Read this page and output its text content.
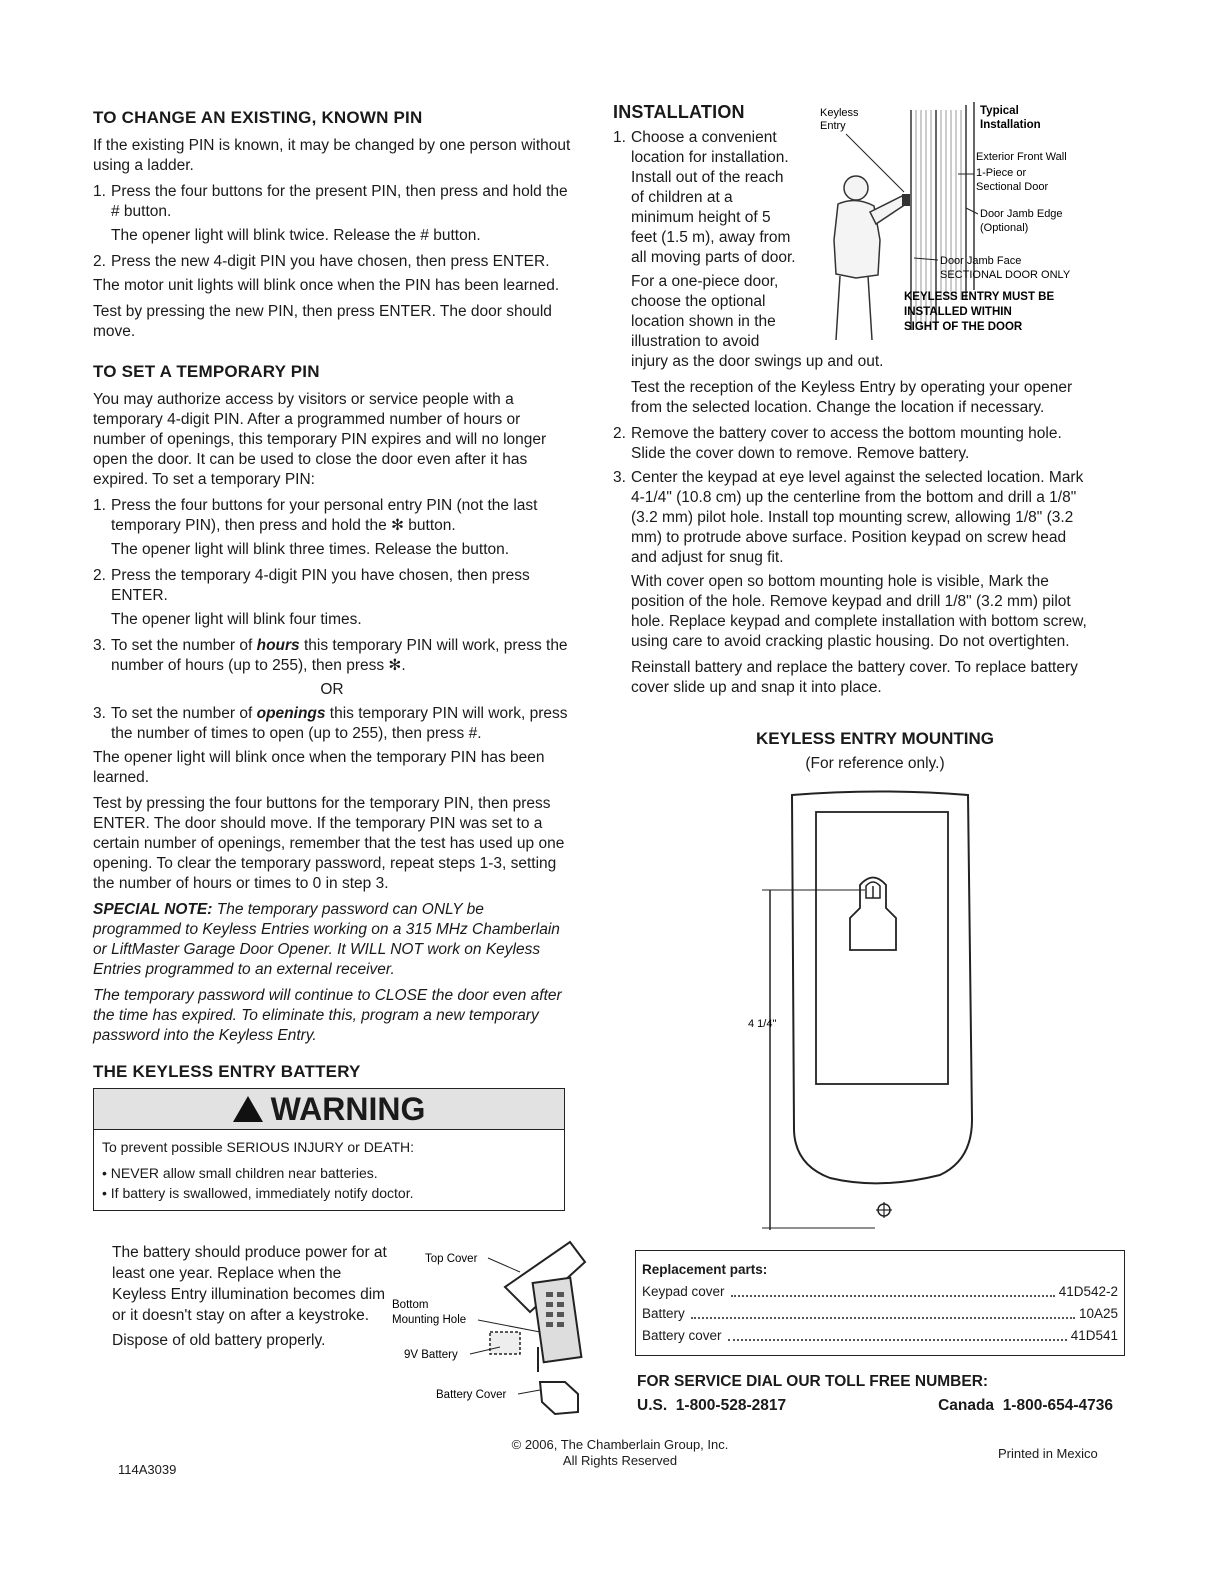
TO CHANGE AN EXISTING, KNOWN PIN

If the existing PIN is known, it may be changed by one person without using a ladder.

1. Press the four buttons for the present PIN, then press and hold the # button.

The opener light will blink twice. Release the # button.

2. Press the new 4-digit PIN you have chosen, then press ENTER.

The motor unit lights will blink once when the PIN has been learned.

Test by pressing the new PIN, then press ENTER. The door should move.

TO SET A TEMPORARY PIN

You may authorize access by visitors or service people with a temporary 4-digit PIN. After a programmed number of hours or number of openings, this temporary PIN expires and will no longer open the door. It can be used to close the door even after it has expired. To set a temporary PIN:

1. Press the four buttons for your personal entry PIN (not the last temporary PIN), then press and hold the ✻ button.

The opener light will blink three times. Release the button.

2. Press the temporary 4-digit PIN you have chosen, then press ENTER.

The opener light will blink four times.

3. To set the number of hours this temporary PIN will work, press the number of hours (up to 255), then press ✻.

OR

3. To set the number of openings this temporary PIN will work, press the number of times to open (up to 255), then press #.

The opener light will blink once when the temporary PIN has been learned.

Test by pressing the four buttons for the temporary PIN, then press ENTER. The door should move. If the temporary PIN was set to a certain number of openings, remember that the test has used up one opening. To clear the temporary password, repeat steps 1-3, setting the number of hours or times to 0 in step 3.

SPECIAL NOTE: The temporary password can ONLY be programmed to Keyless Entries working on a 315 MHz Chamberlain or LiftMaster Garage Door Opener. It WILL NOT work on Keyless Entries programmed to an external receiver.

The temporary password will continue to CLOSE the door even after the time has expired. To eliminate this, program a new temporary password into the Keyless Entry.

THE KEYLESS ENTRY BATTERY
WARNING

To prevent possible SERIOUS INJURY or DEATH:

• NEVER allow small children near batteries.

• If battery is swallowed, immediately notify doctor.

The battery should produce power for at least one year. Replace when the Keyless Entry illumination becomes dim or it doesn't stay on after a keystroke.

Dispose of old battery properly.

Top Cover
Bottom
Mounting Hole
9V Battery
Battery Cover
INSTALLATION
1. Choose a convenient
location for installation.
Install out of the reach
of children at a
minimum height of 5
feet (1.5 m), away from
all moving parts of door.

For a one-piece door,
choose the optional
location shown in the
illustration to avoid
injury as the door swings up and out.

Test the reception of the Keyless Entry by operating your opener from the selected location. Change the location if necessary.

2. Remove the battery cover to access the bottom mounting hole. Slide the cover down to remove. Remove battery.
3. Center the keypad at eye level against the selected location. Mark 4-1/4" (10.8 cm) up the centerline from the bottom and drill a 1/8" (3.2 mm) pilot hole. Install top mounting screw, allowing 1/8" (3.2 mm) to protrude above surface. Position keypad on screw head and adjust for snug fit.

With cover open so bottom mounting hole is visible, Mark the position of the hole. Remove keypad and drill 1/8" (3.2 mm) pilot hole. Replace keypad and complete installation with bottom screw, using care to avoid cracking plastic housing. Do not overtighten.

Reinstall battery and replace the battery cover. To replace battery cover slide up and snap it into place.

Keyless
Entry
Typical
Installation
Exterior Front Wall
1-Piece or
Sectional Door
Door Jamb Edge
(Optional)
Door Jamb Face
SECTIONAL DOOR ONLY
KEYLESS ENTRY MUST BE
INSTALLED WITHIN
SIGHT OF THE DOOR
KEYLESS ENTRY MOUNTING
(For reference only.)
4 1/4"
Replacement parts:
Keypad cover	41D542-2
Battery	10A25
Battery cover	41D541
FOR SERVICE DIAL OUR TOLL FREE NUMBER:
U.S. 1-800-528-2817	Canada 1-800-654-4736
114A3039
© 2006, The Chamberlain Group, Inc.
All Rights Reserved	Printed in Mexico
